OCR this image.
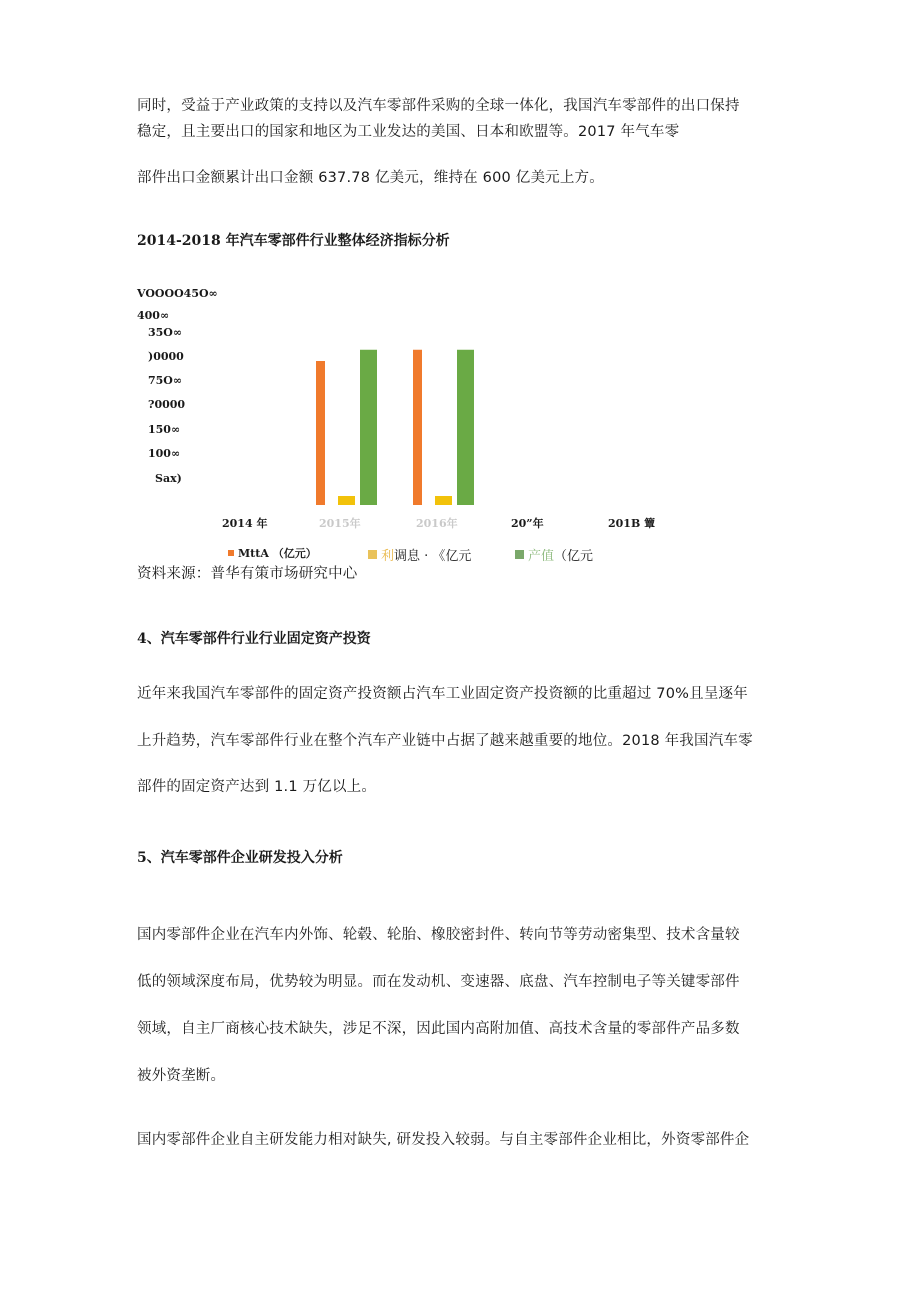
同时，受益于产业政策的支持以及汽车零部件采购的全球一体化，我国汽车零部件的出口保持
稳定，且主要出口的国家和地区为工业发达的美国、日本和欧盟等。2017 年气车零
部件出口金额累计出口金额 637.78 亿美元，维持在 600 亿美元上方。
2014-2018 年汽车零部件行业整体经济指标分析
VOOOO45O∞
400∞
35O∞
)0000
75O∞
?0000
150∞
100∞
Sax)
2014 年	2015年	2016年	20”年	201B 簟
MttA （亿元）	利调息 · 《亿元	产值（亿元
资料来源：普华有策市场研究中心
4、汽车零部件行业行业固定资产投资
近年来我国汽车零部件的固定资产投资额占汽车工业固定资产投资额的比重超过 70%且呈逐年
上升趋势，汽车零部件行业在整个汽车产业链中占据了越来越重要的地位。2018 年我国汽车零
部件的固定资产达到 1.1 万亿以上。
5、汽车零部件企业研发投入分析
国内零部件企业在汽车内外饰、轮毂、轮胎、橡胶密封件、转向节等劳动密集型、技术含量较
低的领域深度布局，优势较为明显。而在发动机、变速器、底盘、汽车控制电子等关键零部件
领域，自主厂商核心技术缺失，涉足不深，因此国内高附加值、高技术含量的零部件产品多数
被外资垄断。
国内零部件企业自主研发能力相对缺失, 研发投入较弱。与自主零部件企业相比，外资零部件企
